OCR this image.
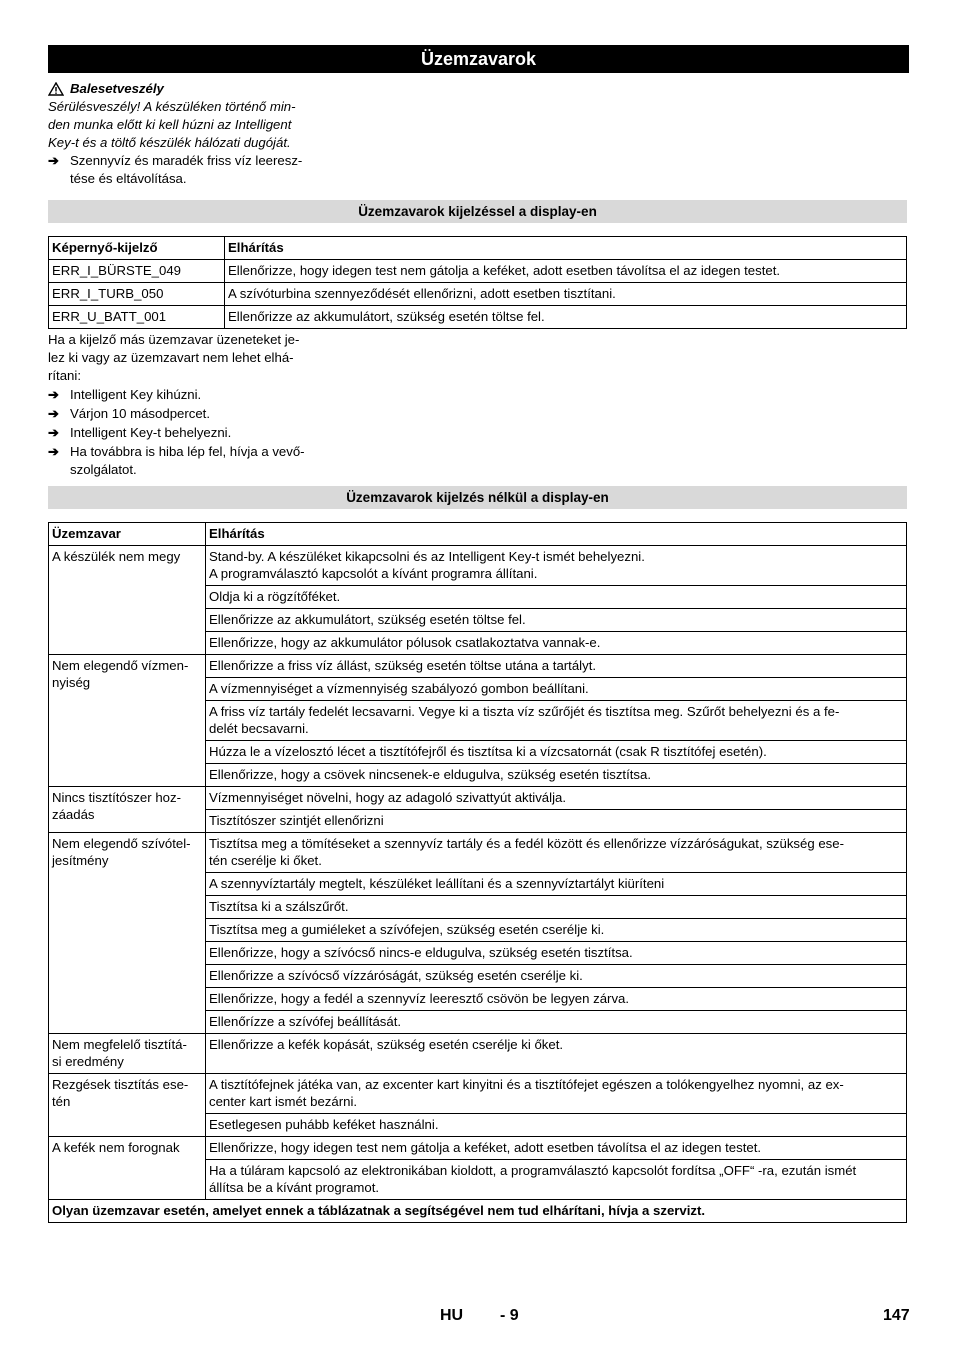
Üzemzavarok
Balesetveszély
Sérülésveszély! A készüléken történő min-
den munka előtt ki kell húzni az Intelligent
Key-t és a töltő készülék hálózati dugóját.
➔ Szennyvíz és maradék friss víz leeresz-
tése és eltávolítása.
Üzemzavarok kijelzéssel a display-en
Képernyő-kijelző	Elhárítás
ERR_I_BÜRSTE_049	Ellenőrizze, hogy idegen test nem gátolja a keféket, adott esetben távolítsa el az idegen testet.
ERR_I_TURB_050	A szívóturbina szennyeződését ellenőrizni, adott esetben tisztítani.
ERR_U_BATT_001	Ellenőrizze az akkumulátort, szükség esetén töltse fel.
Ha a kijelző más üzemzavar üzeneteket je-
lez ki vagy az üzemzavart nem lehet elhá-
rítani:
➔ Intelligent Key kihúzni.
➔ Várjon 10 másodpercet.
➔ Intelligent Key-t behelyezni.
➔ Ha továbbra is hiba lép fel, hívja a vevő-
szolgálatot.
Üzemzavarok kijelzés nélkül a display-en
Üzemzavar	Elhárítás
A készülék nem megy	Stand-by. A készüléket kikapcsolni és az Intelligent Key-t ismét behelyezni.
A programválasztó kapcsolót a kívánt programra állítani.
	Oldja ki a rögzítőféket.
	Ellenőrizze az akkumulátort, szükség esetén töltse fel.
	Ellenőrizze, hogy az akkumulátor pólusok csatlakoztatva vannak-e.
Nem elegendő vízmen-
nyiség	Ellenőrizze a friss víz állást, szükség esetén töltse utána a tartályt.
	A vízmennyiséget a vízmennyiség szabályozó gombon beállítani.
	A friss víz tartály fedelét lecsavarni. Vegye ki a tiszta víz szűrőjét és tisztítsa meg. Szűrőt behelyezni és a fe-
delét becsavarni.
	Húzza le a vízelosztó lécet a tisztítófejről és tisztítsa ki a vízcsatornát (csak R tisztítófej esetén).
	Ellenőrizze, hogy a csövek nincsenek-e eldugulva, szükség esetén tisztítsa.
Nincs tisztítószer hoz-
záadás	Vízmennyiséget növelni, hogy az adagoló szivattyút aktiválja.
	Tisztítószer szintjét ellenőrizni
Nem elegendő szívótel-
jesítmény	Tisztítsa meg a tömítéseket a szennyvíz tartály és a fedél között és ellenőrizze vízzáróságukat, szükség ese-
tén cserélje ki őket.
	A szennyvíztartály megtelt, készüléket leállítani és a szennyvíztartályt kiüríteni
	Tisztítsa ki a szálszűrőt.
	Tisztítsa meg a gumiéleket a szívófejen, szükség esetén cserélje ki.
	Ellenőrizze, hogy a szívócső nincs-e eldugulva, szükség esetén tisztítsa.
	Ellenőrizze a szívócső vízzáróságát, szükség esetén cserélje ki.
	Ellenőrizze, hogy a fedél a szennyvíz leeresztő csövön be legyen zárva.
	Ellenőrízze a szívófej beállítását.
Nem megfelelő tisztítá-
si eredmény	Ellenőrizze a kefék kopását, szükség esetén cserélje ki őket.
Rezgések tisztítás ese-
tén	A tisztítófejnek játéka van, az excenter kart kinyitni és a tisztítófejet egészen a tolókengyelhez nyomni, az ex-
center kart ismét bezárni.
	Esetlegesen puhább keféket használni.
A kefék nem forognak	Ellenőrizze, hogy idegen test nem gátolja a keféket, adott esetben távolítsa el az idegen testet.
	Ha a túláram kapcsoló az elektronikában kioldott, a programválasztó kapcsolót fordítsa „OFF“ -ra, ezután ismét
állítsa be a kívánt programot.
Olyan üzemzavar esetén, amelyet ennek a táblázatnak a segítségével nem tud elhárítani, hívja a szervizt.	
HU - 9	147
